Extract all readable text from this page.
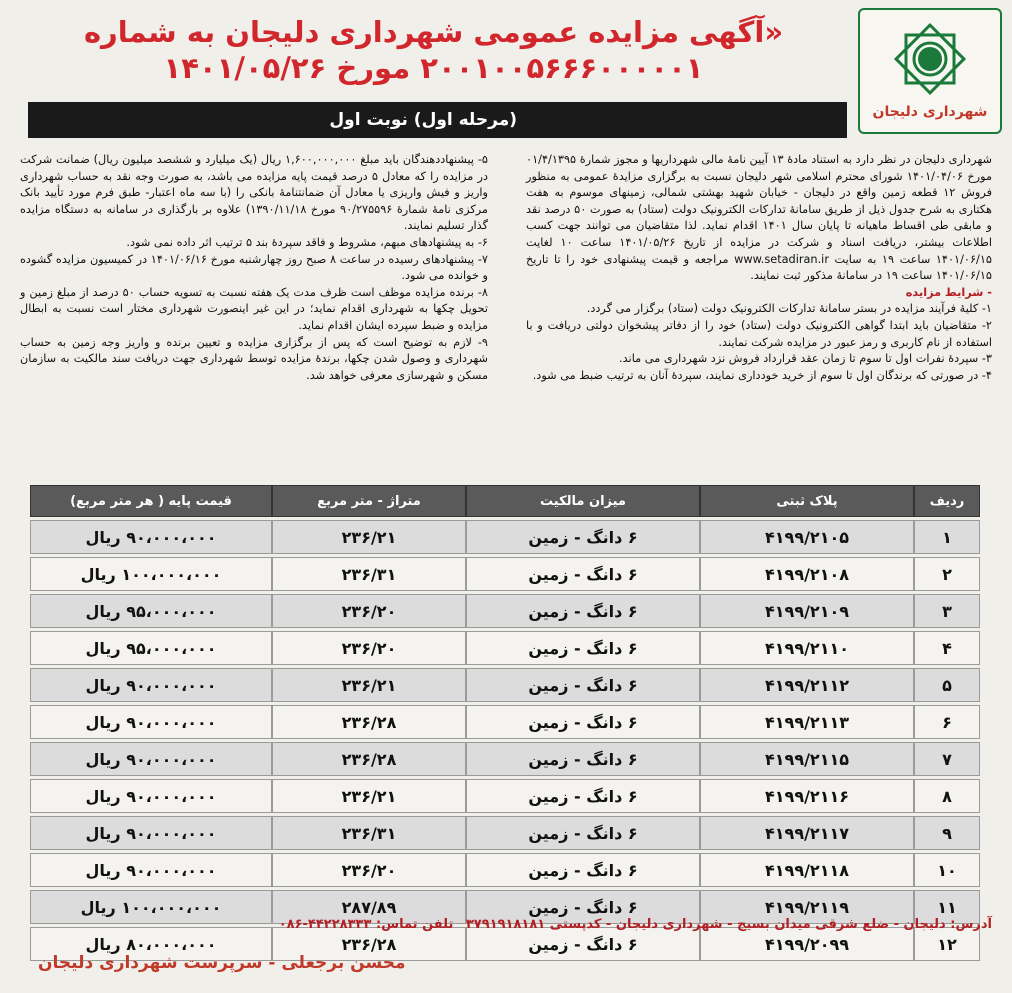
شهرداری دلیجان
«آگهی مزایده عمومی شهرداری دلیجان به شماره
۲۰۰۱۰۰۵۶۶۶۰۰۰۰۰۱ مورخ ۱۴۰۱/۰۵/۲۶
(مرحله اول) نوبت اول

شهرداری دلیجان در نظر دارد به استناد مادهٔ ۱۳ آیین نامهٔ مالی شهرداریها و مجوز شمارهٔ ۰۱/۴/۱۳۹۵ مورخ ۱۴۰۱/۰۴/۰۶ شورای محترم اسلامی شهر دلیجان نسبت به برگزاری مزایدهٔ عمومی به منظور فروش ۱۲ قطعه زمین واقع در دلیجان - خیابان شهید بهشتی شمالی، زمینهای موسوم به هفت هکتاری به شرح جدول ذیل از طریق سامانهٔ تدارکات الکترونیک دولت (ستاد) به صورت ۵۰ درصد نقد و مابقی طی اقساط ماهیانه تا پایان سال ۱۴۰۱ اقدام نماید. لذا متقاضیان می توانند جهت کسب اطلاعات بیشتر، دریافت اسناد و شرکت در مزایده از تاریخ ۱۴۰۱/۰۵/۲۶ ساعت ۱۰ لغایت ۱۴۰۱/۰۶/۱۵ ساعت ۱۹ به سایت www.setadiran.ir مراجعه و قیمت پیشنهادی خود را تا تاریخ ۱۴۰۱/۰۶/۱۵ ساعت ۱۹ در سامانهٔ مذکور ثبت نمایند.

- شرایط مزایده

۱- کلیهٔ فرآیند مزایده در بستر سامانهٔ تدارکات الکترونیک دولت (ستاد) برگزار می گردد.

۲- متقاضیان باید ابتدا گواهی الکترونیک دولت (ستاد) خود را از دفاتر پیشخوان دولتی دریافت و با استفاده از نام کاربری و رمز عبور در مزایده شرکت نمایند.

۳- سپردهٔ نفرات اول تا سوم تا زمان عقد قرارداد فروش نزد شهرداری می ماند.

۴- در صورتی که برندگان اول تا سوم از خرید خودداری نمایند، سپردهٔ آنان به ترتیب ضبط می شود.

۵- پیشنهاددهندگان باید مبلغ ۱,۶۰۰,۰۰۰,۰۰۰ ریال (یک میلیارد و ششصد میلیون ریال) ضمانت شرکت در مزایده را که معادل ۵ درصد قیمت پایه مزایده می باشد، به صورت وجه نقد به حساب شهرداری واریز و فیش واریزی یا معادل آن ضمانتنامهٔ بانکی را (با سه ماه اعتبار- طبق فرم مورد تأیید بانک مرکزی نامهٔ شمارهٔ ۹۰/۲۷۵۵۹۶ مورخ ۱۳۹۰/۱۱/۱۸) علاوه بر بارگذاری در سامانه به دستگاه مزایده گذار تسلیم نمایند.

۶- به پیشنهادهای مبهم، مشروط و فاقد سپردهٔ بند ۵ ترتیب اثر داده نمی شود.

۷- پیشنهادهای رسیده در ساعت ۸ صبح روز چهارشنبه مورخ ۱۴۰۱/۰۶/۱۶ در کمیسیون مزایده گشوده و خوانده می شود.

۸- برنده مزایده موظف است ظرف مدت یک هفته نسبت به تسویه حساب ۵۰ درصد از مبلغ زمین و تحویل چکها به شهرداری اقدام نماید؛ در این غیر اینصورت شهرداری مختار است نسبت به ابطال مزایده و ضبط سپرده ایشان اقدام نماید.

۹- لازم به توضیح است که پس از برگزاری مزایده و تعیین برنده و واریز وجه زمین به حساب شهرداری و وصول شدن چکها، برندهٔ مزایده توسط شهرداری جهت دریافت سند مالکیت به سازمان مسکن و شهرسازی معرفی خواهد شد.

ردیف	پلاک ثبتی	میزان مالکیت	متراژ - متر مربع	قیمت پایه ( هر متر مربع)
۱	۴۱۹۹/۲۱۰۵	۶ دانگ - زمین	۲۳۶/۲۱	۹۰،۰۰۰،۰۰۰ ریال
۲	۴۱۹۹/۲۱۰۸	۶ دانگ - زمین	۲۳۶/۳۱	۱۰۰،۰۰۰،۰۰۰ ریال
۳	۴۱۹۹/۲۱۰۹	۶ دانگ - زمین	۲۳۶/۲۰	۹۵،۰۰۰،۰۰۰ ریال
۴	۴۱۹۹/۲۱۱۰	۶ دانگ - زمین	۲۳۶/۲۰	۹۵،۰۰۰،۰۰۰ ریال
۵	۴۱۹۹/۲۱۱۲	۶ دانگ - زمین	۲۳۶/۲۱	۹۰،۰۰۰،۰۰۰ ریال
۶	۴۱۹۹/۲۱۱۳	۶ دانگ - زمین	۲۳۶/۲۸	۹۰،۰۰۰،۰۰۰ ریال
۷	۴۱۹۹/۲۱۱۵	۶ دانگ - زمین	۲۳۶/۲۸	۹۰،۰۰۰،۰۰۰ ریال
۸	۴۱۹۹/۲۱۱۶	۶ دانگ - زمین	۲۳۶/۲۱	۹۰،۰۰۰،۰۰۰ ریال
۹	۴۱۹۹/۲۱۱۷	۶ دانگ - زمین	۲۳۶/۳۱	۹۰،۰۰۰،۰۰۰ ریال
۱۰	۴۱۹۹/۲۱۱۸	۶ دانگ - زمین	۲۳۶/۲۰	۹۰،۰۰۰،۰۰۰ ریال
۱۱	۴۱۹۹/۲۱۱۹	۶ دانگ - زمین	۲۸۷/۸۹	۱۰۰،۰۰۰،۰۰۰ ریال
۱۲	۴۱۹۹/۲۰۹۹	۶ دانگ - زمین	۲۳۶/۲۸	۸۰،۰۰۰،۰۰۰ ریال
آدرس: دلیجان - ضلع شرقی میدان بسیج - شهرداری دلیجان - کدپستی ۳۷۹۱۹۱۸۱۸۱ تلفن تماس: ۴۴۲۲۸۳۳۳-۰۸۶
محسن برجعلی - سرپرست شهرداری دلیجان
